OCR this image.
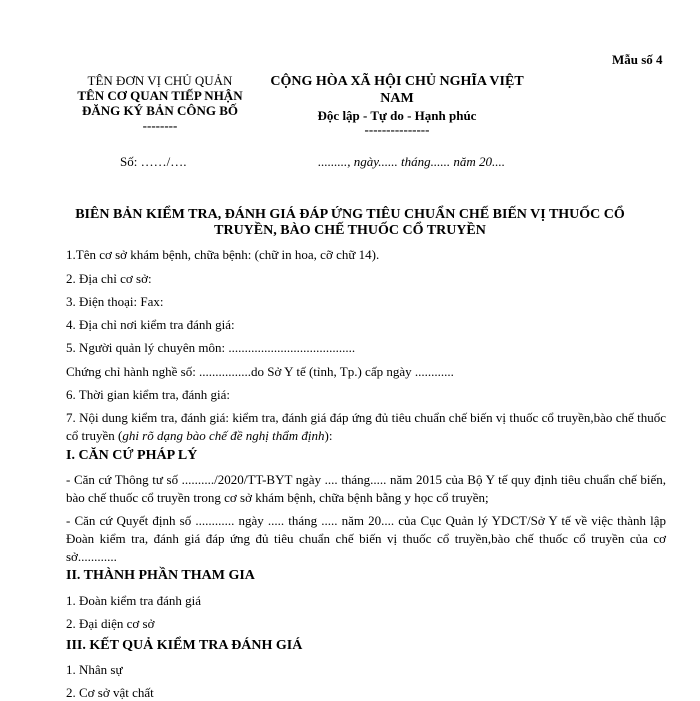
Mẫu số 4
TÊN ĐƠN VỊ CHỦ QUẢN
TÊN CƠ QUAN TIẾP NHẬN
ĐĂNG KÝ BẢN CÔNG BỐ
--------
Số: ……/….
CỘNG HÒA XÃ HỘI CHỦ NGHĨA VIỆT NAM
Độc lập - Tự do - Hạnh phúc
---------------
........., ngày...... tháng...... năm 20....
BIÊN BẢN KIỂM TRA, ĐÁNH GIÁ ĐÁP ỨNG TIÊU CHUẨN CHẾ BIẾN VỊ THUỐC CỔ
TRUYỀN, BÀO CHẾ THUỐC CỔ TRUYỀN
1.Tên cơ sở khám bệnh, chữa bệnh: (chữ in hoa, cỡ chữ 14).
2. Địa chỉ cơ sở:
3. Điện thoại: Fax:
4. Địa chỉ nơi kiểm tra đánh giá:
5. Người quản lý chuyên môn: .......................................
Chứng chỉ hành nghề số: ................do Sở Y tế (tỉnh, Tp.) cấp ngày ............
6. Thời gian kiểm tra, đánh giá:
7. Nội dung kiểm tra, đánh giá: kiểm tra, đánh giá đáp ứng đủ tiêu chuẩn chế biến vị thuốc cổ truyền,bào chế thuốc cổ truyền (ghi rõ dạng bào chế đề nghị thẩm định):
I. CĂN CỨ PHÁP LÝ
- Căn cứ Thông tư số ........../2020/TT-BYT ngày .... tháng..... năm 2015 của Bộ Y tế quy định tiêu chuẩn chế biến, bào chế thuốc cổ truyền trong cơ sở khám bệnh, chữa bệnh bằng y học cổ truyền;
- Căn cứ Quyết định số ............ ngày ..... tháng ..... năm 20.... của Cục Quản lý YDCT/Sở Y tế về việc thành lập Đoàn kiểm tra, đánh giá đáp ứng đủ tiêu chuẩn chế biến vị thuốc cổ truyền,bào chế thuốc cổ truyền của cơ sở............
II. THÀNH PHẦN THAM GIA
1. Đoàn kiểm tra đánh giá
2. Đại diện cơ sở
III. KẾT QUẢ KIỂM TRA ĐÁNH GIÁ
1. Nhân sự
2. Cơ sở vật chất
